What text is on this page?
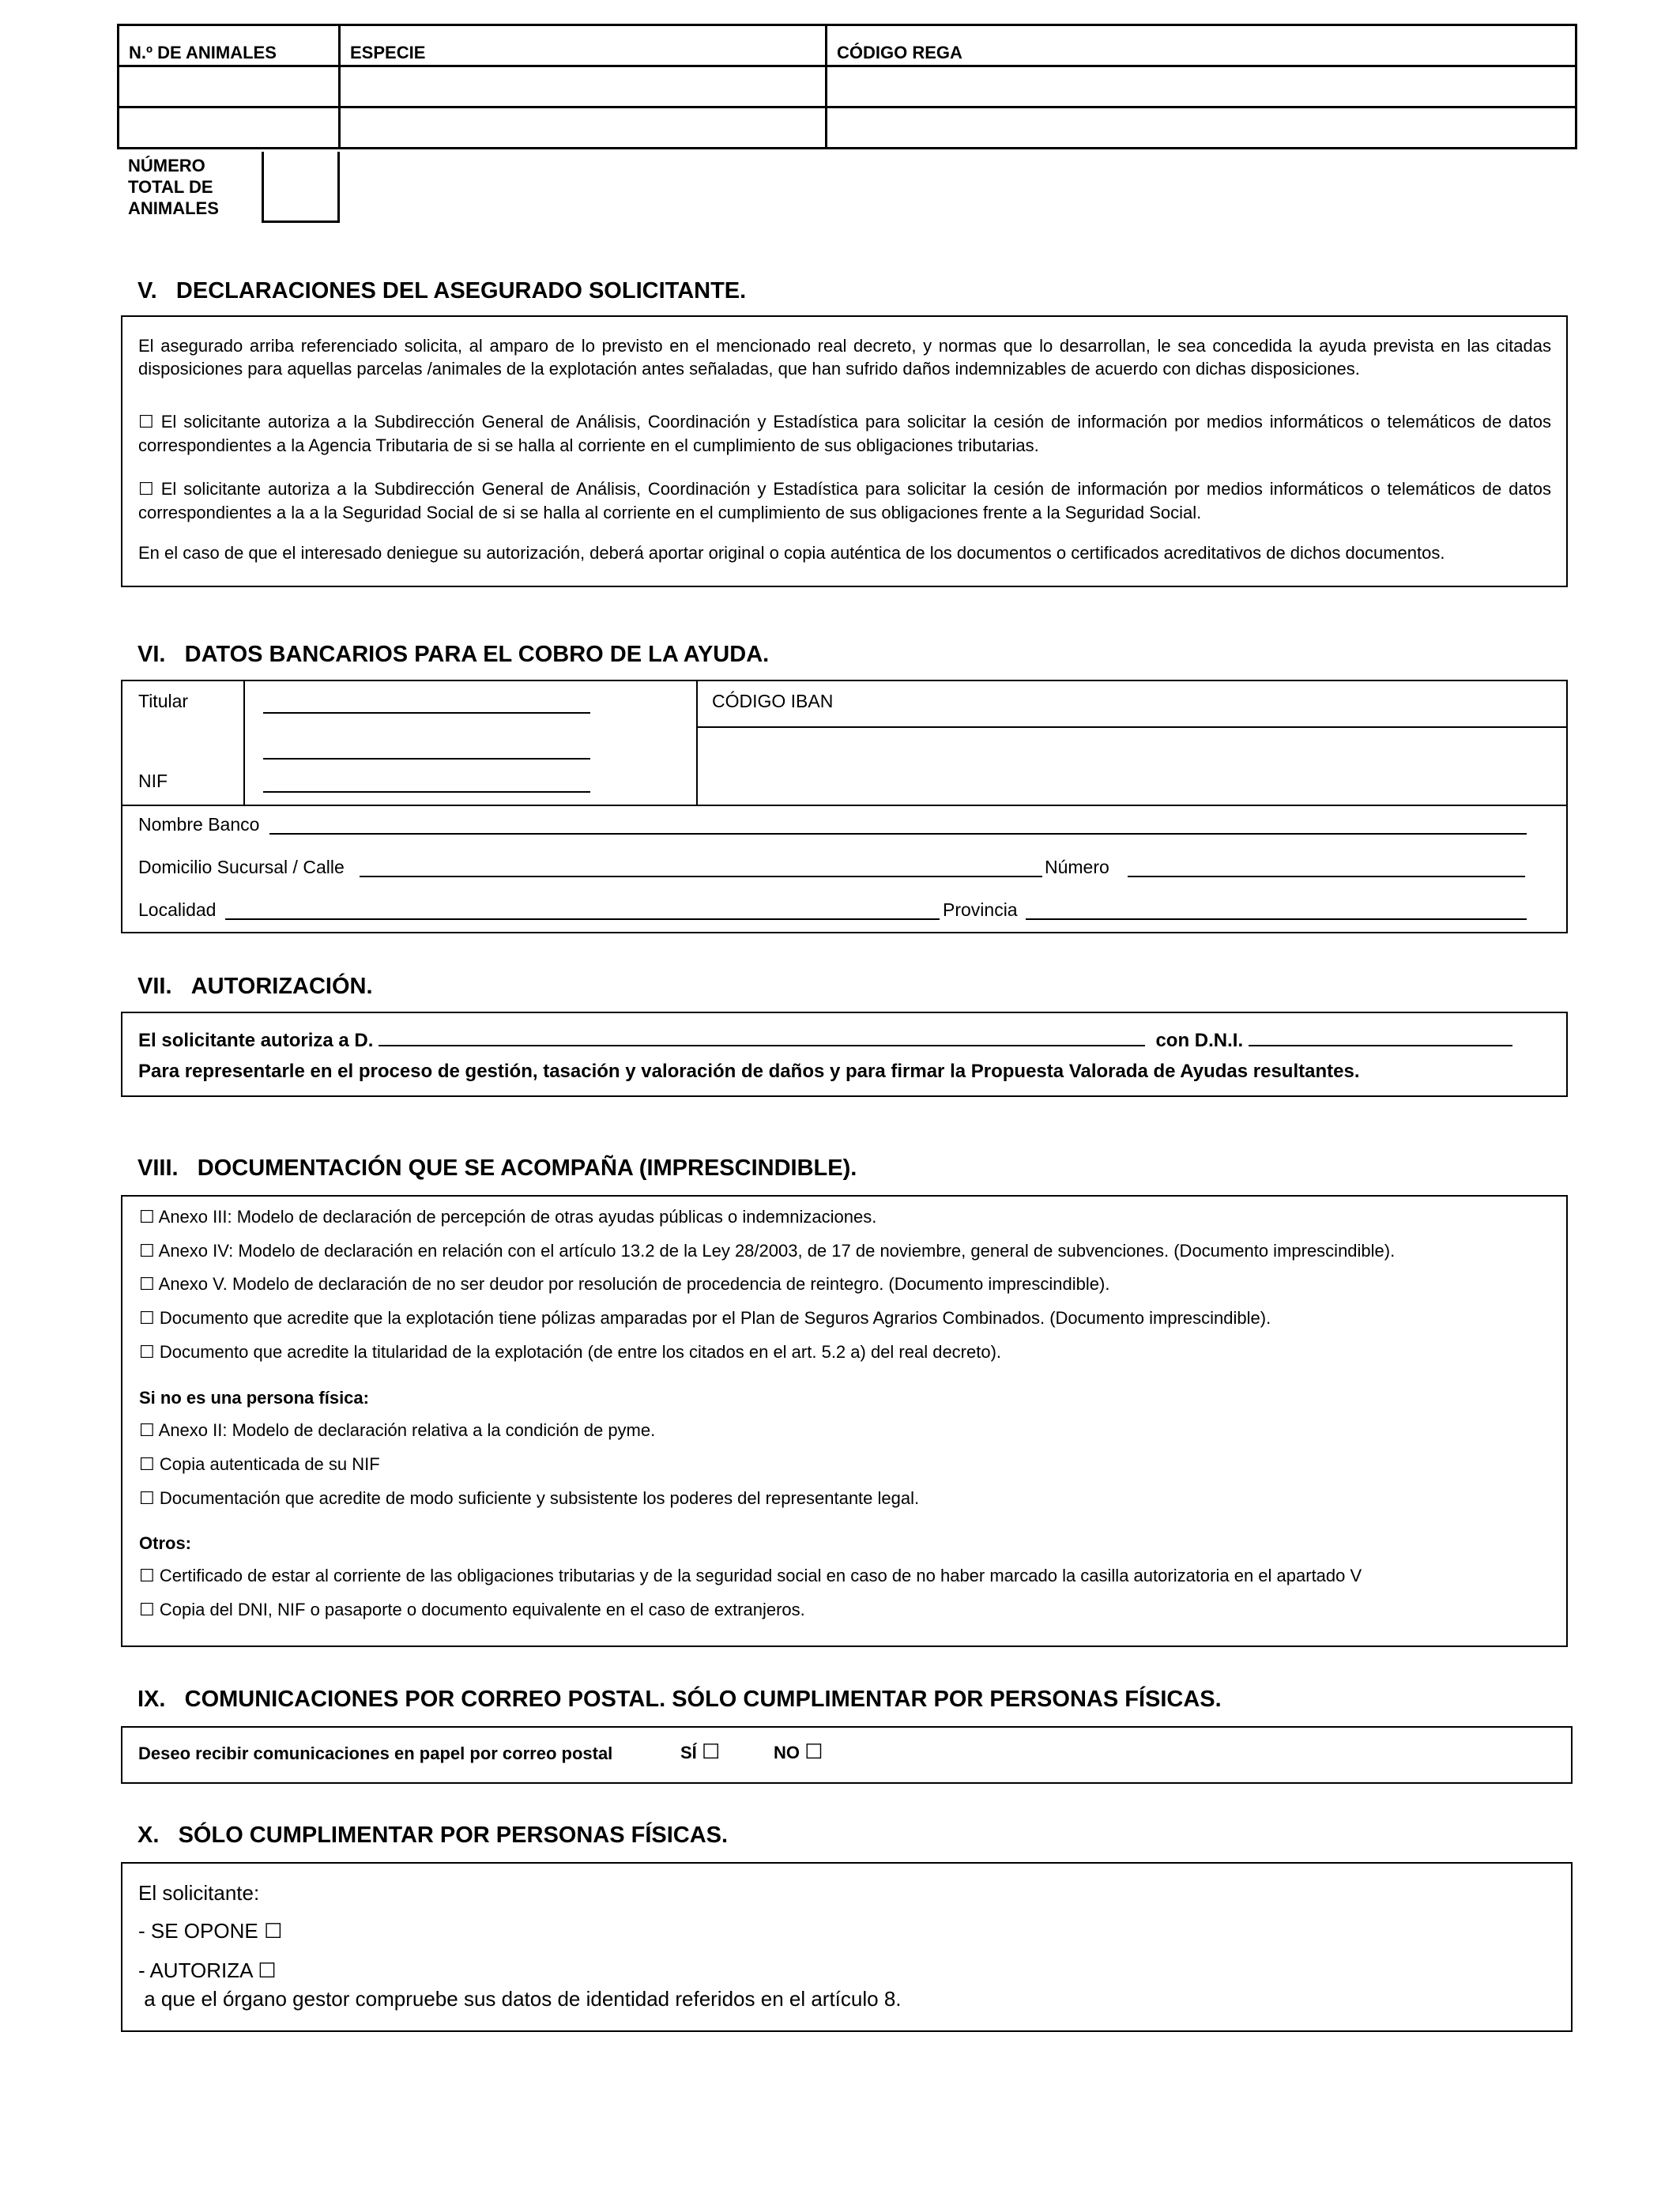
N.º DE ANIMALES	ESPECIE	CÓDIGO REGA

NÚMERO
TOTAL DE
ANIMALES
V. DECLARACIONES DEL ASEGURADO SOLICITANTE.
El asegurado arriba referenciado solicita, al amparo de lo previsto en el mencionado real decreto, y normas que lo desarrollan, le sea concedida la ayuda prevista en las citadas disposiciones para aquellas parcelas /animales de la explotación antes señaladas, que han sufrido daños indemnizables de acuerdo con dichas disposiciones.
☐ El solicitante autoriza a la Subdirección General de Análisis, Coordinación y Estadística para solicitar la cesión de información por medios informáticos o telemáticos de datos correspondientes a la Agencia Tributaria de si se halla al corriente en el cumplimiento de sus obligaciones tributarias.
☐ El solicitante autoriza a la Subdirección General de Análisis, Coordinación y Estadística para solicitar la cesión de información por medios informáticos o telemáticos de datos correspondientes a la a la Seguridad Social de si se halla al corriente en el cumplimiento de sus obligaciones frente a la Seguridad Social.
En el caso de que el interesado deniegue su autorización, deberá aportar original o copia auténtica de los documentos o certificados acreditativos de dichos documentos.
VI. DATOS BANCARIOS PARA EL COBRO DE LA AYUDA.
Titular
NIF
CÓDIGO IBAN
Nombre Banco
Domicilio Sucursal / Calle	Número
Localidad	Provincia
VII. AUTORIZACIÓN.
El solicitante autoriza a D.	con D.N.I.
Para representarle en el proceso de gestión, tasación y valoración de daños y para firmar la Propuesta Valorada de Ayudas resultantes.
VIII. DOCUMENTACIÓN QUE SE ACOMPAÑA (IMPRESCINDIBLE).
☐ Anexo III: Modelo de declaración de percepción de otras ayudas públicas o indemnizaciones.
☐ Anexo IV: Modelo de declaración en relación con el artículo 13.2 de la Ley 28/2003, de 17 de noviembre, general de subvenciones. (Documento imprescindible).
☐ Anexo V. Modelo de declaración de no ser deudor por resolución de procedencia de reintegro. (Documento imprescindible).
☐ Documento que acredite que la explotación tiene pólizas amparadas por el Plan de Seguros Agrarios Combinados. (Documento imprescindible).
☐ Documento que acredite la titularidad de la explotación (de entre los citados en el art. 5.2 a) del real decreto).
Si no es una persona física:
☐ Anexo II: Modelo de declaración relativa a la condición de pyme.
☐ Copia autenticada de su NIF
☐ Documentación que acredite de modo suficiente y subsistente los poderes del representante legal.
Otros:
☐ Certificado de estar al corriente de las obligaciones tributarias y de la seguridad social en caso de no haber marcado la casilla autorizatoria en el apartado V
☐ Copia del DNI, NIF o pasaporte o documento equivalente en el caso de extranjeros.
IX. COMUNICACIONES POR CORREO POSTAL. SÓLO CUMPLIMENTAR POR PERSONAS FÍSICAS.
Deseo recibir comunicaciones en papel por correo postal	SÍ ☐	NO ☐
X. SÓLO CUMPLIMENTAR POR PERSONAS FÍSICAS.
El solicitante:
- SE OPONE ☐
- AUTORIZA ☐
a que el órgano gestor compruebe sus datos de identidad referidos en el artículo 8.
